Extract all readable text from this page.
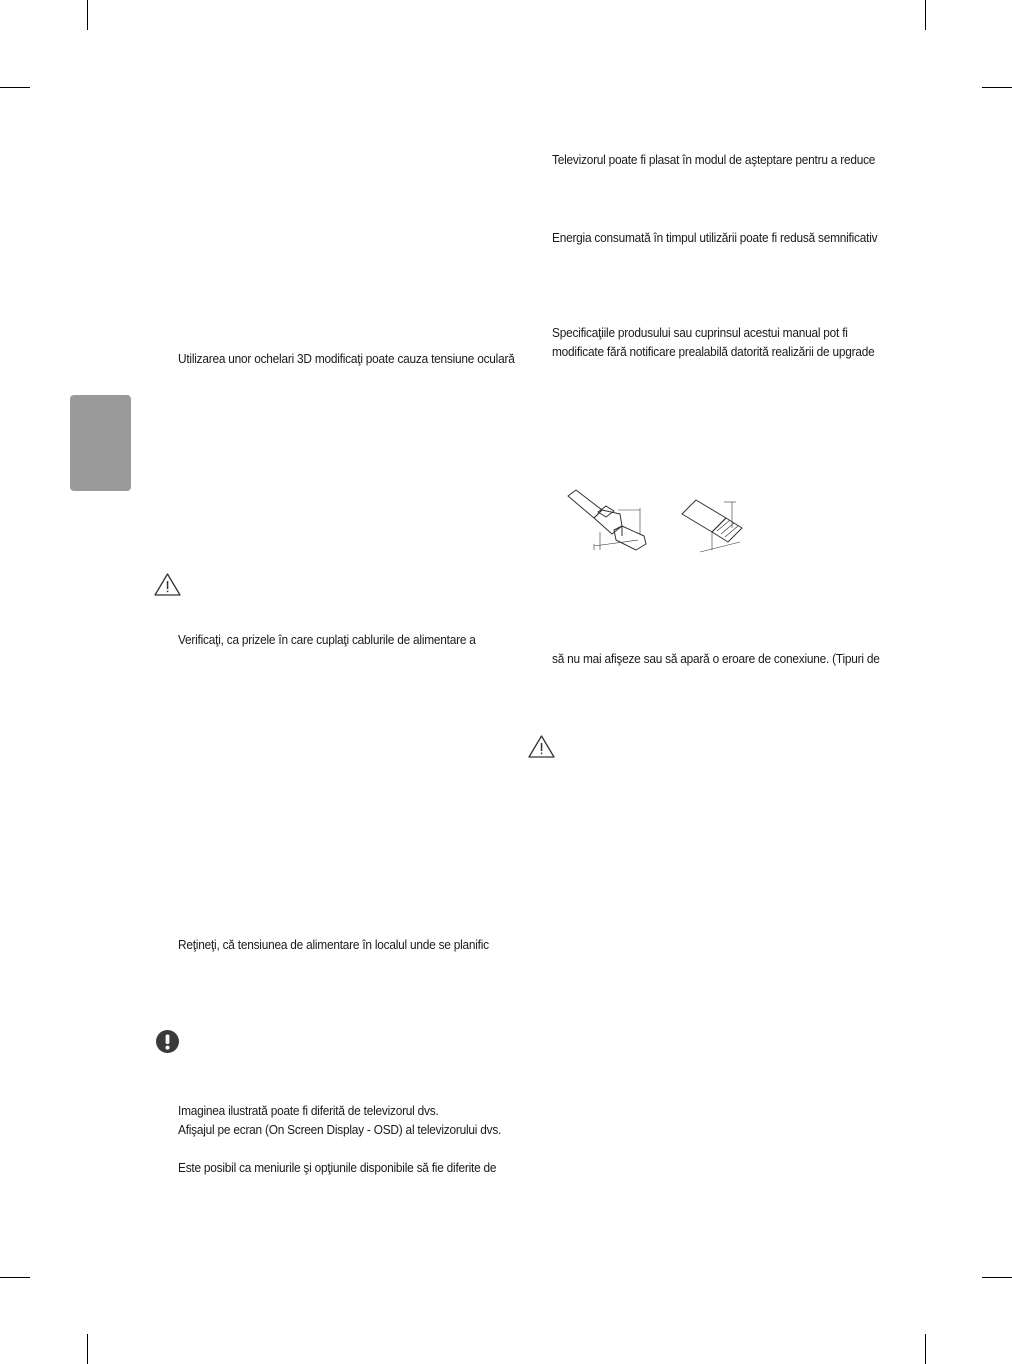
Utilizarea unor ochelari 3D modificaţi poate cauza tensiune oculară
Verificaţi, ca prizele în care cuplaţi cablurile de alimentare a
Reţineţi, că tensiunea de alimentare în localul unde se planific
Imaginea ilustrată poate fi diferită de televizorul dvs.
Afişajul pe ecran (On Screen Display - OSD) al televizorului dvs.
Este posibil ca meniurile şi opţiunile disponibile să fie diferite de
Televizorul poate fi plasat în modul de aşteptare pentru a reduce
Energia consumată în timpul utilizării poate fi redusă semnificativ
Specificaţiile produsului sau cuprinsul acestui manual pot fi
modificate fără notificare prealabilă datorită realizării de upgrade
să nu mai afişeze sau să apară o eroare de conexiune. (Tipuri de
